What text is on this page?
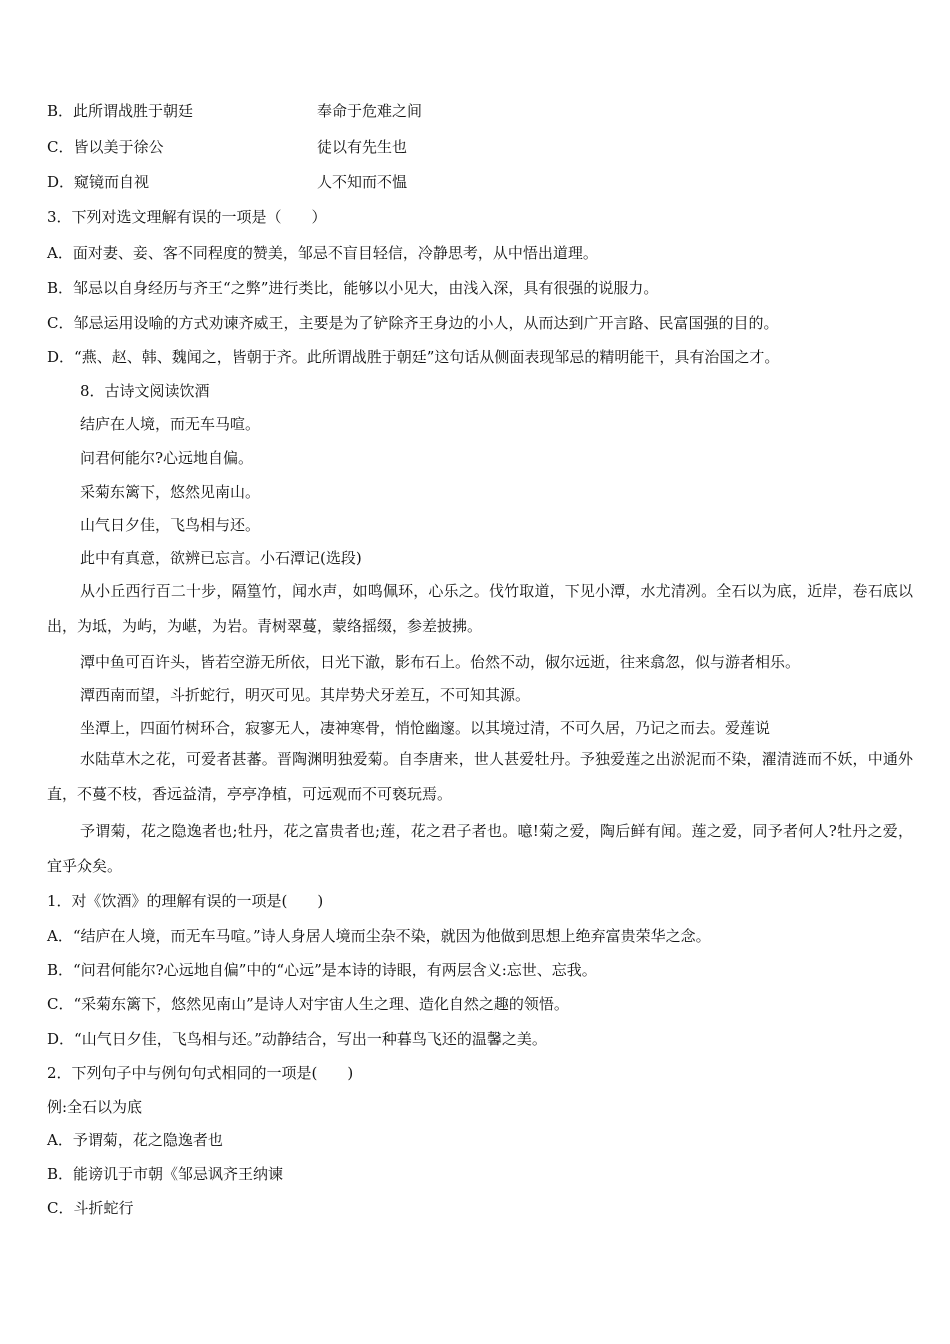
B．此所谓战胜于朝廷	奉命于危难之间
C．皆以美于徐公	徒以有先生也
D．窥镜而自视	人不知而不愠
3．下列对选文理解有误的一项是（　　）
A．面对妻、妾、客不同程度的赞美，邹忌不盲目轻信，冷静思考，从中悟出道理。
B．邹忌以自身经历与齐王“之弊”进行类比，能够以小见大，由浅入深，具有很强的说服力。
C．邹忌运用设喻的方式劝谏齐威王，主要是为了铲除齐王身边的小人，从而达到广开言路、民富国强的目的。
D．“燕、赵、韩、魏闻之，皆朝于齐。此所谓战胜于朝廷”这句话从侧面表现邹忌的精明能干，具有治国之才。
8．古诗文阅读饮酒
结庐在人境，而无车马喧。
问君何能尔?心远地自偏。
采菊东篱下，悠然见南山。
山气日夕佳，飞鸟相与还。
此中有真意，欲辨已忘言。小石潭记(选段)
从小丘西行百二十步，隔篁竹，闻水声，如鸣佩环，心乐之。伐竹取道，下见小潭，水尤清冽。全石以为底，近岸，卷石底以出，为坻，为屿，为嵁，为岩。青树翠蔓，蒙络摇缀，参差披拂。
潭中鱼可百许头，皆若空游无所依，日光下澈，影布石上。佁然不动，俶尔远逝，往来翕忽，似与游者相乐。
潭西南而望，斗折蛇行，明灭可见。其岸势犬牙差互，不可知其源。
坐潭上，四面竹树环合，寂寥无人，凄神寒骨，悄怆幽邃。以其境过清，不可久居，乃记之而去。爱莲说
水陆草木之花，可爱者甚蕃。晋陶渊明独爱菊。自李唐来，世人甚爱牡丹。予独爱莲之出淤泥而不染，濯清涟而不妖，中通外直，不蔓不枝，香远益清，亭亭净植，可远观而不可亵玩焉。
予谓菊，花之隐逸者也;牡丹，花之富贵者也;莲，花之君子者也。噫!菊之爱，陶后鲜有闻。莲之爱，同予者何人?牡丹之爱，宜乎众矣。
1．对《饮酒》的理解有误的一项是(　　)
A．“结庐在人境，而无车马喧。”诗人身居人境而尘杂不染，就因为他做到思想上绝弃富贵荣华之念。
B．“问君何能尔?心远地自偏”中的“心远”是本诗的诗眼，有两层含义:忘世、忘我。
C．“采菊东篱下，悠然见南山”是诗人对宇宙人生之理、造化自然之趣的领悟。
D．“山气日夕佳，飞鸟相与还。”动静结合，写出一种暮鸟飞还的温馨之美。
2．下列句子中与例句句式相同的一项是(　　)
例:全石以为底
A．予谓菊，花之隐逸者也
B．能谤讥于市朝《邹忌讽齐王纳谏
C．斗折蛇行
